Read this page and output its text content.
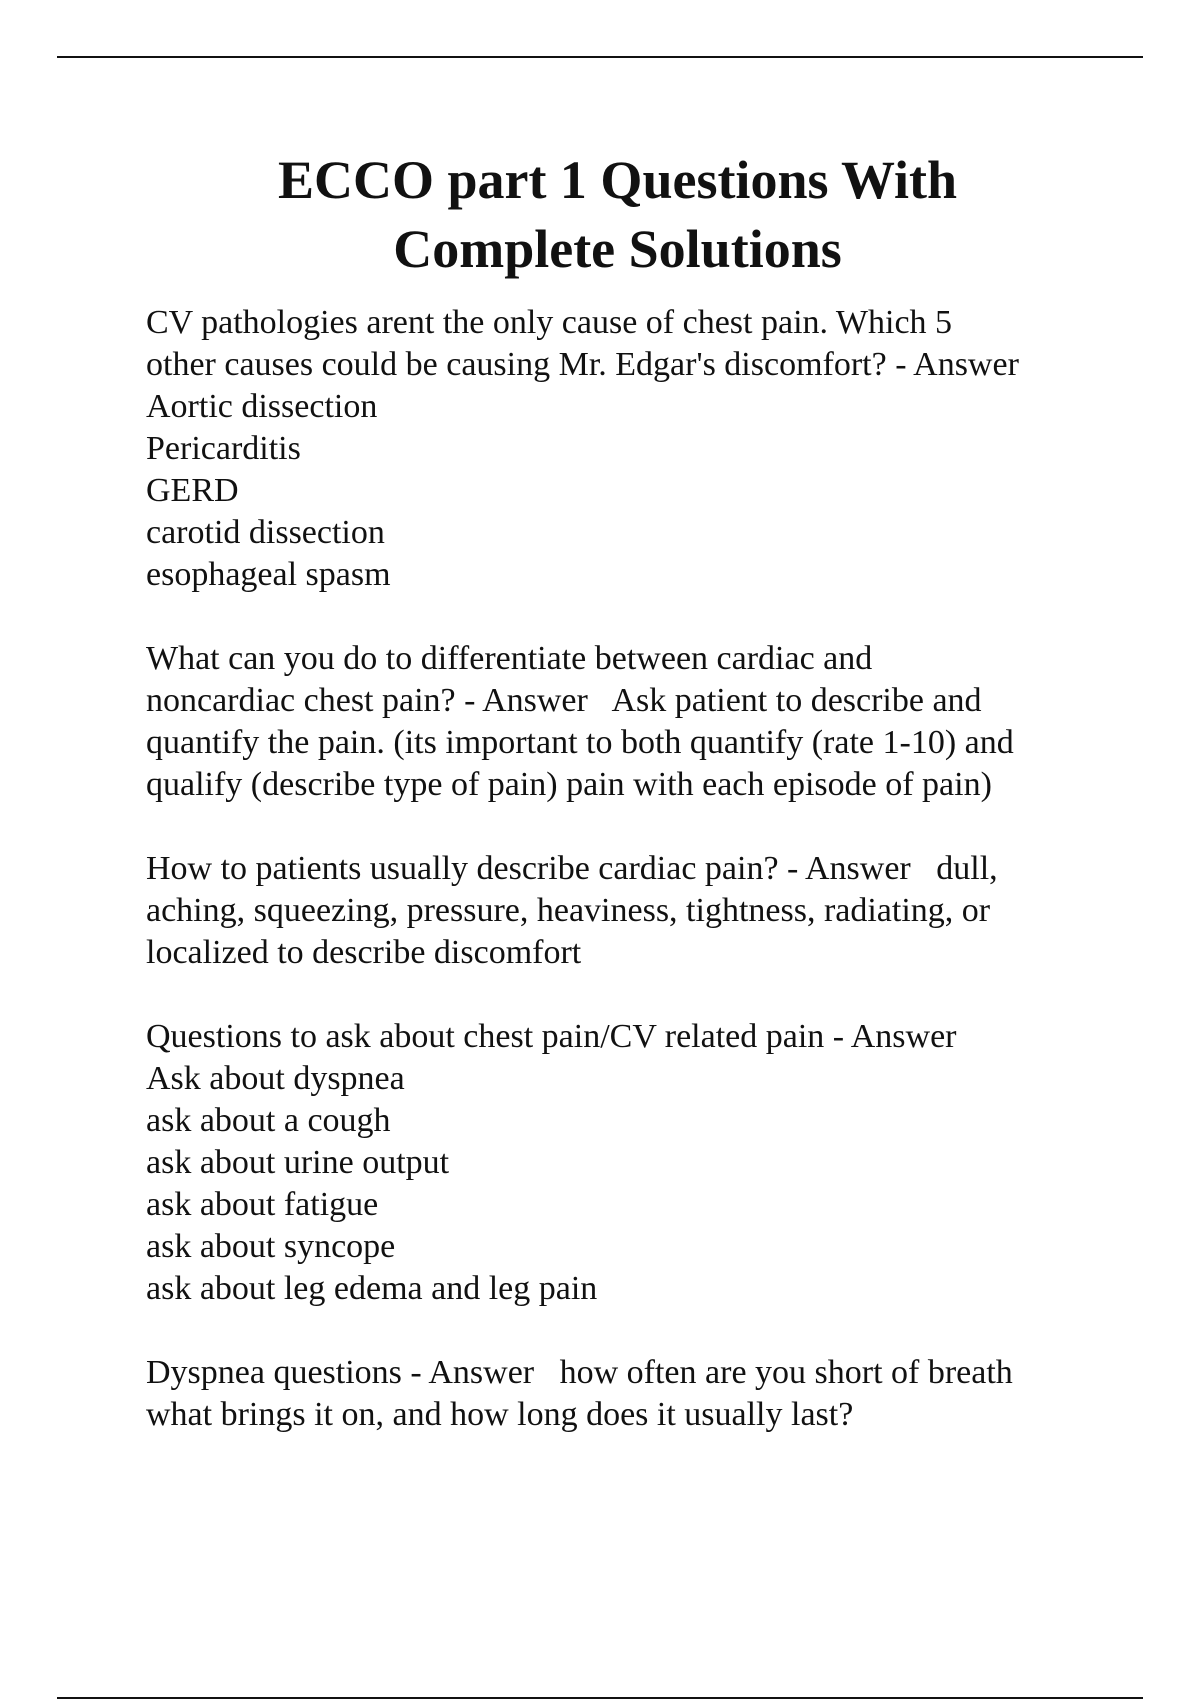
ECCO part 1 Questions With
Complete Solutions
CV pathologies arent the only cause of chest pain. Which 5
other causes could be causing Mr. Edgar's discomfort? - Answer
Aortic dissection
Pericarditis
GERD
carotid dissection
esophageal spasm
What can you do to differentiate between cardiac and
noncardiac chest pain? - Answer   Ask patient to describe and
quantify the pain. (its important to both quantify (rate 1-10) and
qualify (describe type of pain) pain with each episode of pain)
How to patients usually describe cardiac pain? - Answer   dull,
aching, squeezing, pressure, heaviness, tightness, radiating, or
localized to describe discomfort
Questions to ask about chest pain/CV related pain - Answer
Ask about dyspnea
ask about a cough
ask about urine output
ask about fatigue
ask about syncope
ask about leg edema and leg pain
Dyspnea questions - Answer   how often are you short of breath
what brings it on, and how long does it usually last?
